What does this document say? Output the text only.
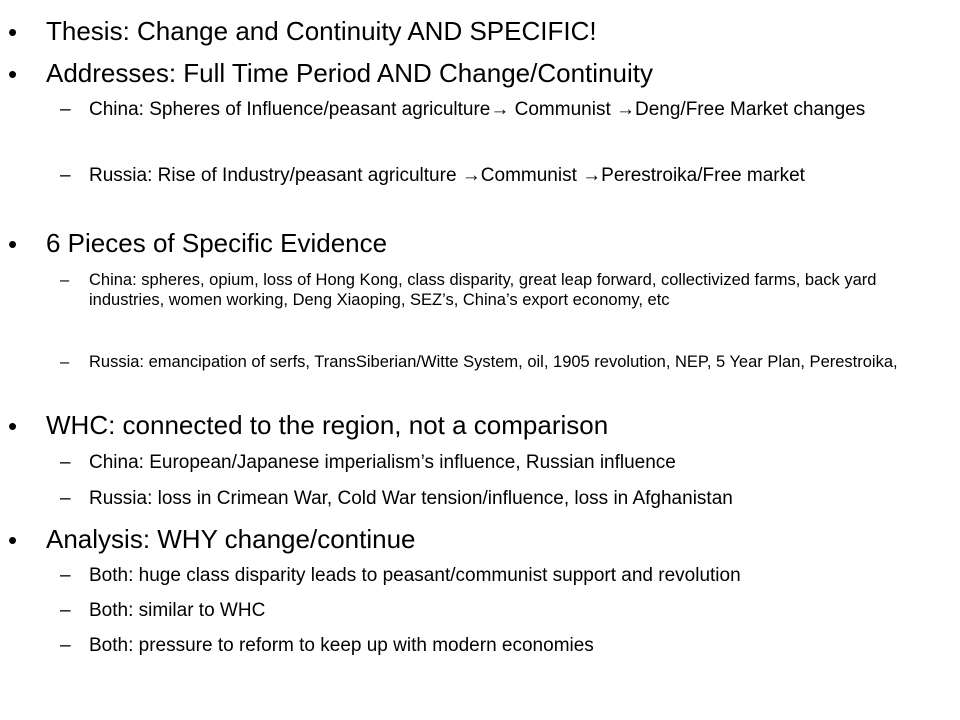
•	Thesis: Change and Continuity AND SPECIFIC!
•	Addresses: Full Time Period AND Change/Continuity
– China: Spheres of Influence/peasant agriculture→ Communist →Deng/Free Market changes
– Russia: Rise of Industry/peasant agriculture →Communist →Perestroika/Free market
•	6 Pieces of Specific Evidence
–	China: spheres, opium, loss of Hong Kong, class disparity, great leap forward, collectivized farms, back yard industries, women working, Deng Xiaoping, SEZ’s, China’s export economy, etc
–	Russia: emancipation of serfs, TransSiberian/Witte System, oil, 1905 revolution, NEP, 5 Year Plan, Perestroika,
•	WHC: connected to the region, not a comparison
– China: European/Japanese imperialism’s influence, Russian influence
– Russia: loss in Crimean War, Cold War tension/influence, loss in Afghanistan
•	Analysis: WHY change/continue
– Both: huge class disparity leads to peasant/communist support and revolution
– Both: similar to WHC
– Both: pressure to reform to keep up with modern economies
